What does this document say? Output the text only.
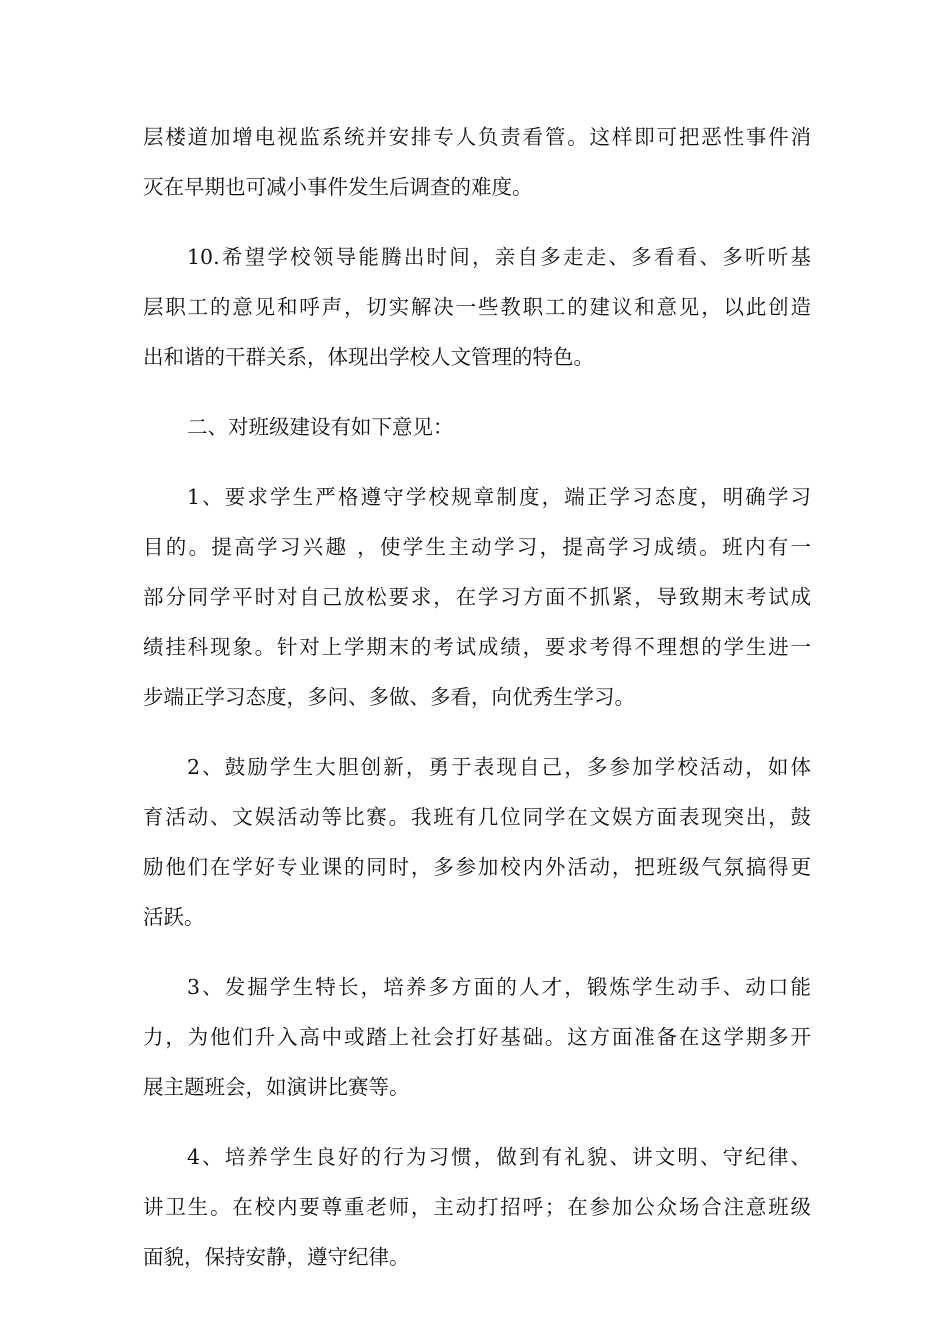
层楼道加增电视监系统并安排专人负责看管。这样即可把恶性事件消
灭在早期也可减小事件发生后调查的难度。
10.希望学校领导能腾出时间，亲自多走走、多看看、多听听基
层职工的意见和呼声，切实解决一些教职工的建议和意见，以此创造
出和谐的干群关系，体现出学校人文管理的特色。
二、对班级建设有如下意见：
1、要求学生严格遵守学校规章制度，端正学习态度，明确学习
目的。提高学习兴趣 ，使学生主动学习，提高学习成绩。班内有一
部分同学平时对自己放松要求，在学习方面不抓紧，导致期末考试成
绩挂科现象。针对上学期末的考试成绩，要求考得不理想的学生进一
步端正学习态度，多问、多做、多看，向优秀生学习。
2、鼓励学生大胆创新，勇于表现自己，多参加学校活动，如体
育活动、文娱活动等比赛。我班有几位同学在文娱方面表现突出，鼓
励他们在学好专业课的同时，多参加校内外活动，把班级气氛搞得更
活跃。
3、发掘学生特长，培养多方面的人才，锻炼学生动手、动口能
力，为他们升入高中或踏上社会打好基础。这方面准备在这学期多开
展主题班会，如演讲比赛等。
4、培养学生良好的行为习惯，做到有礼貌、讲文明、守纪律、
讲卫生。在校内要尊重老师，主动打招呼；在参加公众场合注意班级
面貌，保持安静，遵守纪律。
